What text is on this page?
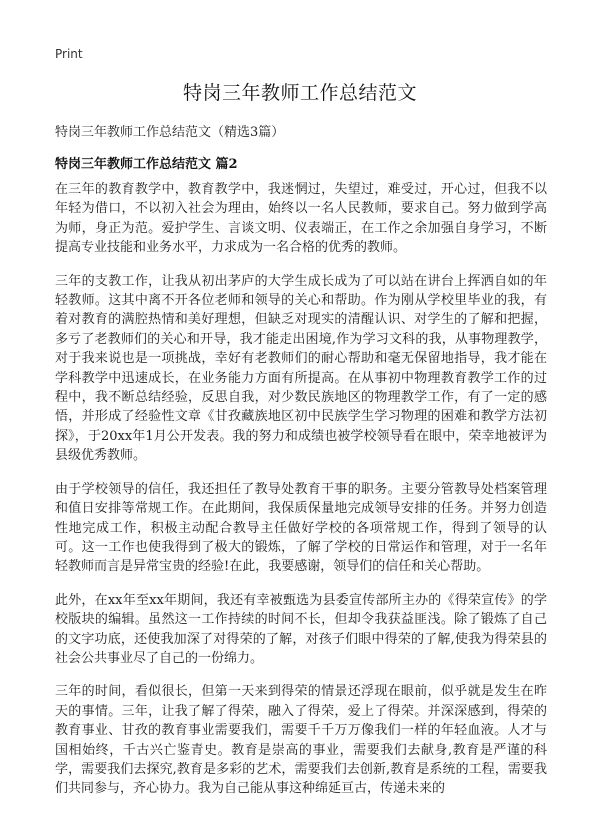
Print
特岗三年教师工作总结范文
特岗三年教师工作总结范文（精选3篇）
特岗三年教师工作总结范文 篇2

在三年的教育教学中，教育教学中，我迷惘过，失望过，难受过，开心过，但我不以年轻为借口，不以初入社会为理由，始终以一名人民教师，要求自己。努力做到学高为师，身正为范。爱护学生、言谈文明、仪表端正，在工作之余加强自身学习，不断提高专业技能和业务水平，力求成为一名合格的优秀的教师。

三年的支教工作，让我从初出茅庐的大学生成长成为了可以站在讲台上挥洒自如的年轻教师。这其中离不开各位老师和领导的关心和帮助。作为刚从学校里毕业的我，有着对教育的满腔热情和美好理想，但缺乏对现实的清醒认识、对学生的了解和把握，多亏了老教师们的关心和开导，我才能走出困境,作为学习文科的我，从事物理教学，对于我来说也是一项挑战，幸好有老教师们的耐心帮助和毫无保留地指导，我才能在学科教学中迅速成长，在业务能力方面有所提高。在从事初中物理教育教学工作的过程中，我不断总结经验，反思自我，对少数民族地区的物理教学工作，有了一定的感悟，并形成了经验性文章《甘孜藏族地区初中民族学生学习物理的困难和教学方法初探》，于20xx年1月公开发表。我的努力和成绩也被学校领导看在眼中，荣幸地被评为县级优秀教师。

由于学校领导的信任，我还担任了教导处教育干事的职务。主要分管教导处档案管理和值日安排等常规工作。在此期间，我保质保量地完成领导安排的任务。并努力创造性地完成工作，积极主动配合教导主任做好学校的各项常规工作，得到了领导的认可。这一工作也使我得到了极大的锻炼，了解了学校的日常运作和管理，对于一名年轻教师而言是异常宝贵的经验!在此，我要感谢，领导们的信任和关心帮助。

此外，在xx年至xx年期间，我还有幸被甄选为县委宣传部所主办的《得荣宣传》的学校版块的编辑。虽然这一工作持续的时间不长，但却令我获益匪浅。除了锻炼了自己的文字功底，还使我加深了对得荣的了解，对孩子们眼中得荣的了解,使我为得荣县的社会公共事业尽了自己的一份绵力。

三年的时间，看似很长，但第一天来到得荣的情景还浮现在眼前，似乎就是发生在昨天的事情。三年，让我了解了得荣，融入了得荣，爱上了得荣。并深深感到，得荣的教育事业、甘孜的教育事业需要我们，需要千千万万像我们一样的年轻血液。人才与国相始终，千古兴亡鉴青史。教育是崇高的事业，需要我们去献身,教育是严谨的科学，需要我们去探究,教育是多彩的艺术，需要我们去创新,教育是系统的工程，需要我们共同参与，齐心协力。我为自己能从事这种绵延亘古，传递未来的
